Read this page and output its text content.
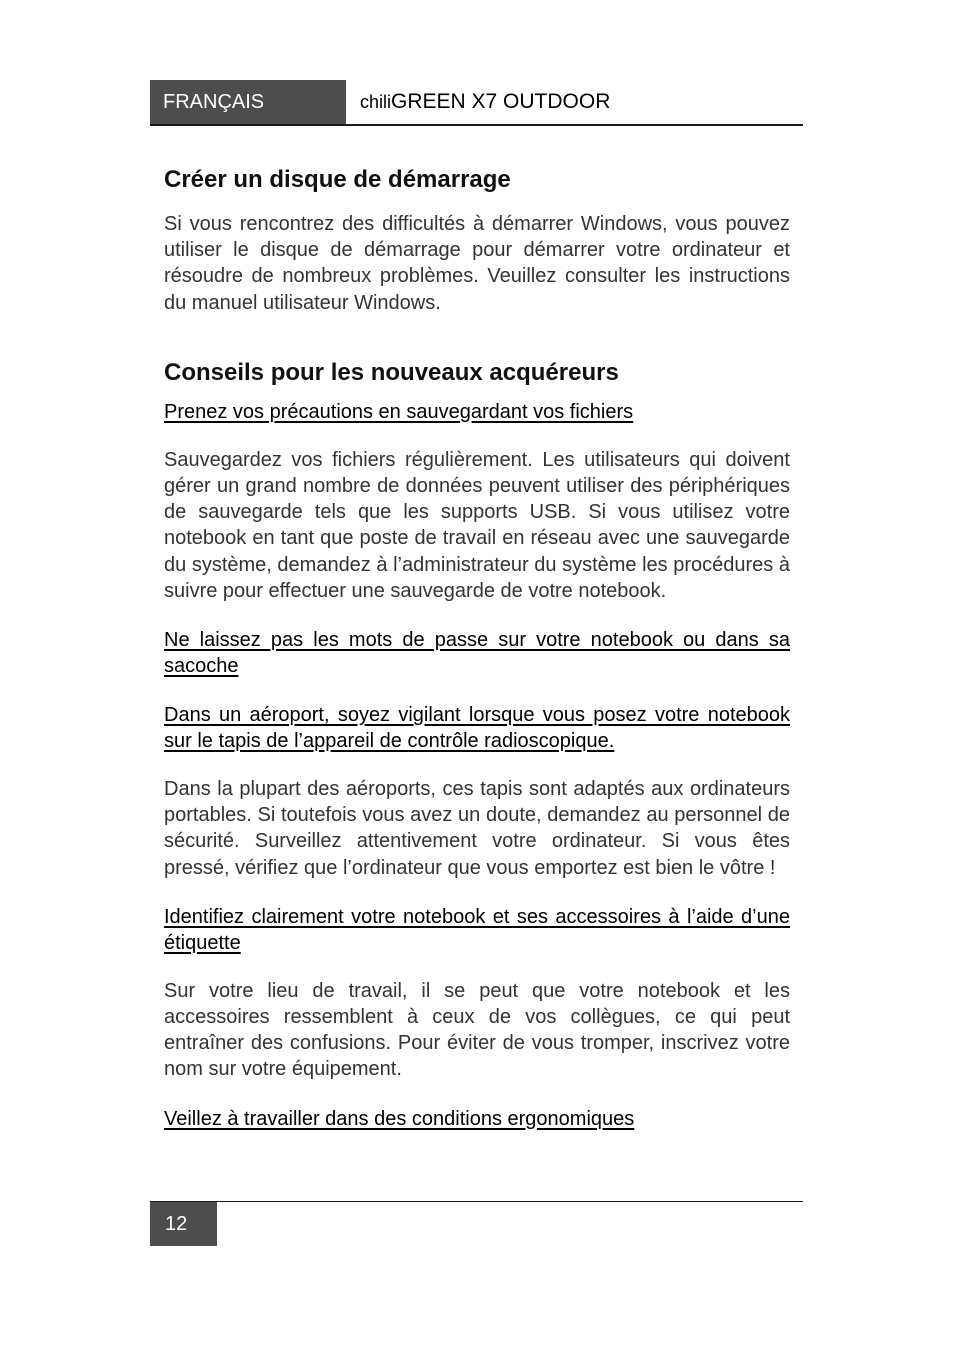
FRANÇAIS	chiliGREEN X7 OUTDOOR
Créer un disque de démarrage

Si vous rencontrez des difficultés à démarrer Windows, vous pouvez utiliser le disque de démarrage pour démarrer votre ordinateur et résoudre de nombreux problèmes. Veuillez consulter les instructions du manuel utilisateur Windows.

Conseils pour les nouveaux acquéreurs

Prenez vos précautions en sauvegardant vos fichiers

Sauvegardez vos fichiers régulièrement. Les utilisateurs qui doivent gérer un grand nombre de données peuvent utiliser des périphériques de sauvegarde tels que les supports USB. Si vous utilisez votre notebook en tant que poste de travail en réseau avec une sauvegarde du système, demandez à l’administrateur du système les procédures à suivre pour effectuer une sauvegarde de votre notebook.

Ne laissez pas les mots de passe sur votre notebook ou dans sa sacoche

Dans un aéroport, soyez vigilant lorsque vous posez votre notebook sur le tapis de l’appareil de contrôle radioscopique.

Dans la plupart des aéroports, ces tapis sont adaptés aux ordinateurs portables. Si toutefois vous avez un doute, demandez au personnel de sécurité. Surveillez attentivement votre ordinateur. Si vous êtes pressé, vérifiez que l’ordinateur que vous emportez est bien le vôtre !

Identifiez clairement votre notebook et ses accessoires à l’aide d’une étiquette

Sur votre lieu de travail, il se peut que votre notebook et les accessoires ressemblent à ceux de vos collègues, ce qui peut entraîner des confusions. Pour éviter de vous tromper, inscrivez votre nom sur votre équipement.

Veillez à travailler dans des conditions ergonomiques

12
